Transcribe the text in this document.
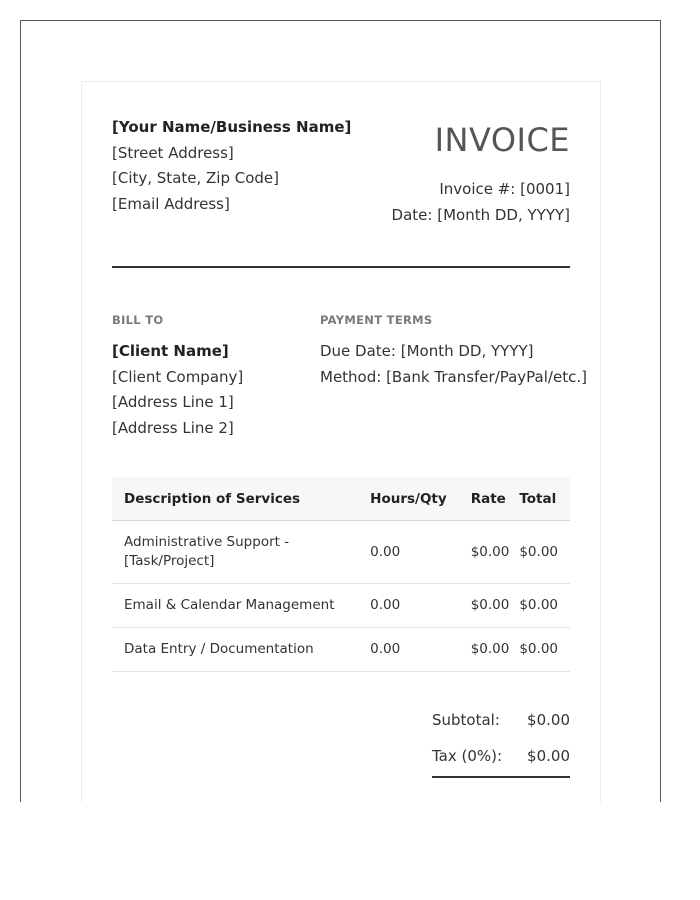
[Your Name/Business Name]
[Street Address]
[City, State, Zip Code]
[Email Address]
INVOICE
Invoice #: [0001]
Date: [Month DD, YYYY]
BILL TO
[Client Name]
[Client Company]
[Address Line 1]
[Address Line 2]
PAYMENT TERMS
Due Date: [Month DD, YYYY]
Method: [Bank Transfer/PayPal/etc.]
Description of Services	Hours/Qty	Rate	Total
Administrative Support - [Task/Project]	0.00	$0.00	$0.00
Email & Calendar Management	0.00	$0.00	$0.00
Data Entry / Documentation	0.00	$0.00	$0.00
Subtotal: $0.00
Tax (0%): $0.00
